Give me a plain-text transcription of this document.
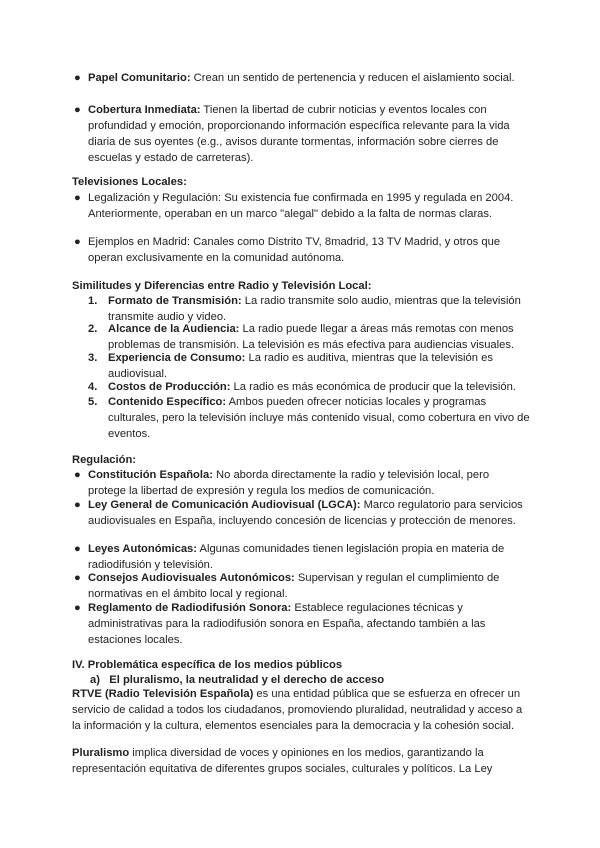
● Papel Comunitario: Crean un sentido de pertenencia y reducen el aislamiento social.
● Cobertura Inmediata: Tienen la libertad de cubrir noticias y eventos locales con profundidad y emoción, proporcionando información específica relevante para la vida diaria de sus oyentes (e.g., avisos durante tormentas, información sobre cierres de escuelas y estado de carreteras).
Televisiones Locales:
● Legalización y Regulación: Su existencia fue confirmada en 1995 y regulada en 2004. Anteriormente, operaban en un marco "alegal" debido a la falta de normas claras.
● Ejemplos en Madrid: Canales como Distrito TV, 8madrid, 13 TV Madrid, y otros que operan exclusivamente en la comunidad autónoma.
Similitudes y Diferencias entre Radio y Televisión Local:
1. Formato de Transmisión: La radio transmite solo audio, mientras que la televisión transmite audio y video.
2. Alcance de la Audiencia: La radio puede llegar a áreas más remotas con menos problemas de transmisión. La televisión es más efectiva para audiencias visuales.
3. Experiencia de Consumo: La radio es auditiva, mientras que la televisión es audiovisual.
4. Costos de Producción: La radio es más económica de producir que la televisión.
5. Contenido Específico: Ambos pueden ofrecer noticias locales y programas culturales, pero la televisión incluye más contenido visual, como cobertura en vivo de eventos.
Regulación:
● Constitución Española: No aborda directamente la radio y televisión local, pero protege la libertad de expresión y regula los medios de comunicación.
● Ley General de Comunicación Audiovisual (LGCA): Marco regulatorio para servicios audiovisuales en España, incluyendo concesión de licencias y protección de menores.
● Leyes Autonómicas: Algunas comunidades tienen legislación propia en materia de radiodifusión y televisión.
● Consejos Audiovisuales Autonómicos: Supervisan y regulan el cumplimiento de normativas en el ámbito local y regional.
● Reglamento de Radiodifusión Sonora: Establece regulaciones técnicas y administrativas para la radiodifusión sonora en España, afectando también a las estaciones locales.
IV. Problemática específica de los medios públicos
a) El pluralismo, la neutralidad y el derecho de acceso
RTVE (Radio Televisión Española) es una entidad pública que se esfuerza en ofrecer un servicio de calidad a todos los ciudadanos, promoviendo pluralidad, neutralidad y acceso a la información y la cultura, elementos esenciales para la democracia y la cohesión social.
Pluralismo implica diversidad de voces y opiniones en los medios, garantizando la representación equitativa de diferentes grupos sociales, culturales y políticos. La Ley
